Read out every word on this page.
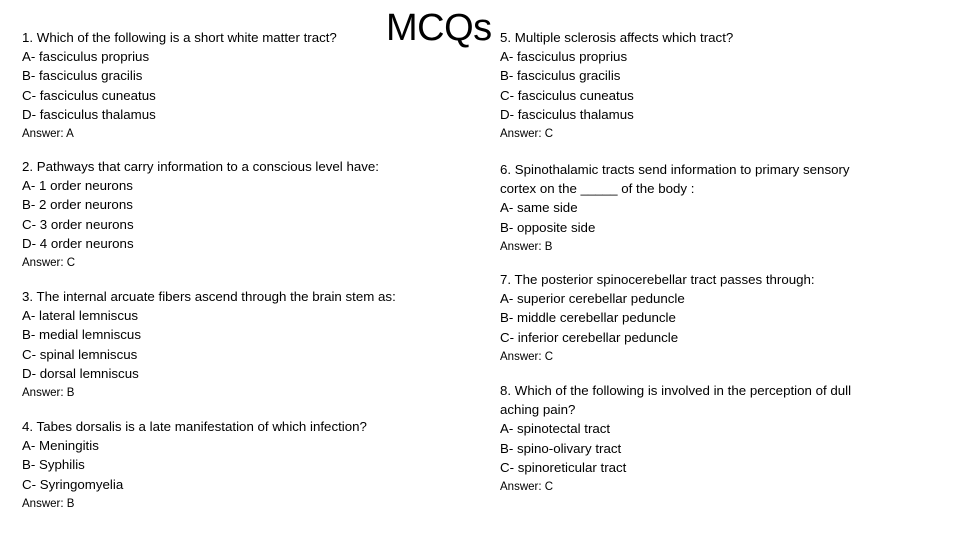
MCQs
1. Which of the following is a short white matter tract?
A- fasciculus proprius
B- fasciculus gracilis
C- fasciculus cuneatus
D- fasciculus thalamus
Answer: A
2. Pathways that carry information to a conscious level have:
A- 1 order neurons
B- 2 order neurons
C- 3 order neurons
D- 4 order neurons
Answer: C
3. The internal arcuate fibers ascend through the brain stem as:
A- lateral lemniscus
B- medial lemniscus
C- spinal lemniscus
D- dorsal lemniscus
Answer: B
4. Tabes dorsalis is a late manifestation of which infection?
A- Meningitis
B- Syphilis
C- Syringomyelia
Answer: B
5. Multiple sclerosis affects which tract?
A- fasciculus proprius
B- fasciculus gracilis
C- fasciculus cuneatus
D- fasciculus thalamus
Answer: C
6. Spinothalamic tracts send information to primary sensory
cortex on the _____ of the body :
A- same side
B- opposite side
Answer: B
7. The posterior spinocerebellar tract passes through:
A- superior cerebellar peduncle
B- middle cerebellar peduncle
C- inferior cerebellar peduncle
Answer: C
8. Which of the following is involved in the perception of dull
aching pain?
A- spinotectal tract
B- spino-olivary tract
C- spinoreticular tract
Answer: C
